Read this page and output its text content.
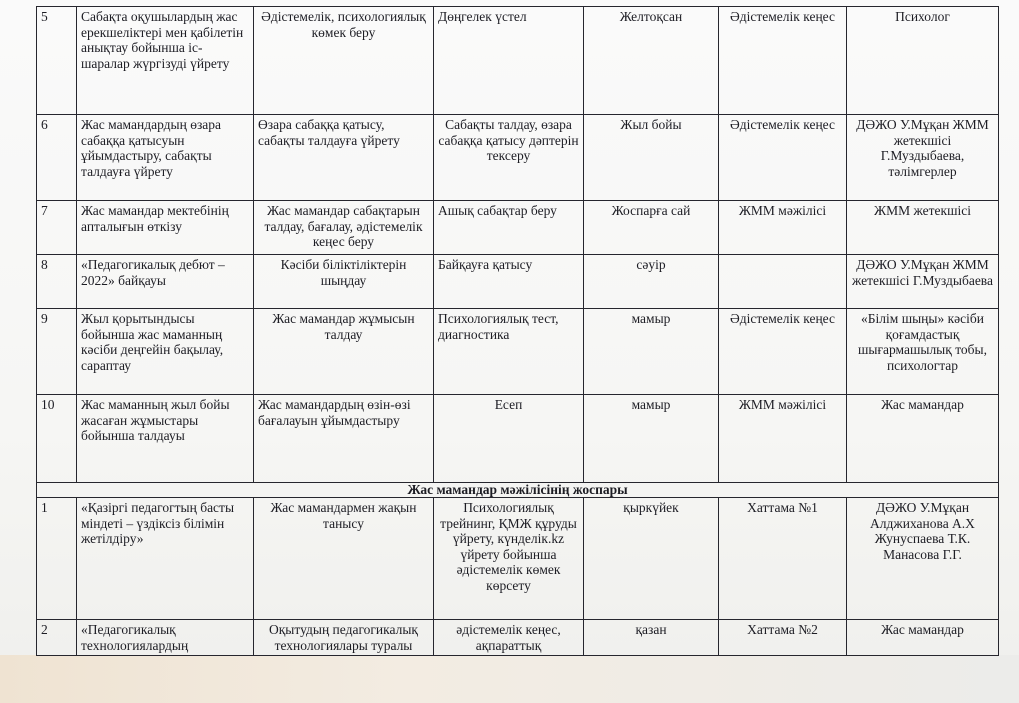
5	Сабақта оқушылардың жас ерекшеліктері мен қабілетін анықтау бойынша іс-шаралар жүргізуді үйрету	Әдістемелік, психологиялық көмек беру	Дөңгелек үстел	Желтоқсан	Әдістемелік кеңес	Психолог
6	Жас мамандардың өзара сабаққа қатысуын ұйымдастыру, сабақты талдауға үйрету	Өзара сабаққа қатысу, сабақты талдауға үйрету	Сабақты талдау, өзара сабаққа қатысу дәптерін тексеру	Жыл бойы	Әдістемелік кеңес	ДӘЖО У.Мұқан ЖММ жетекшісі Г.Муздыбаева, тәлімгерлер
7	Жас мамандар мектебінің апталығын өткізу	Жас мамандар сабақтарын талдау, бағалау, әдістемелік кеңес беру	Ашық сабақтар беру	Жоспарға сай	ЖММ мәжілісі	ЖММ жетекшісі
8	«Педагогикалық дебют – 2022» байқауы	Кәсіби біліктіліктерін шыңдау	Байқауға қатысу	сәуір		ДӘЖО У.Мұқан ЖММ жетекшісі Г.Муздыбаева
9	Жыл қорытындысы бойынша жас маманның кәсіби деңгейін бақылау, сараптау	Жас мамандар жұмысын талдау	Психологиялық тест, диагностика	мамыр	Әдістемелік кеңес	«Білім шыңы» кәсіби қоғамдастық шығармашылық тобы, психологтар
10	Жас маманның жыл бойы жасаған жұмыстары бойынша талдауы	Жас мамандардың өзін-өзі бағалауын ұйымдастыру	Есеп	мамыр	ЖММ мәжілісі	Жас мамандар
Жас мамандар мәжілісінің жоспары						
1	«Қазіргі педагогтың басты міндеті – үздіксіз білімін жетілдіру»	Жас мамандармен жақын танысу	Психологиялық трейнинг, ҚМЖ құруды үйрету, күнделік.kz үйрету бойынша әдістемелік көмек көрсету	қыркүйек	Хаттама №1	ДӘЖО У.Мұқан Алджиханова А.Х Жунуспаева Т.К. Манасова Г.Г.
2	«Педагогикалық технологиялардың	Оқытудың педагогикалық технологиялары туралы	әдістемелік кеңес, ақпараттық	қазан	Хаттама №2	Жас мамандар
